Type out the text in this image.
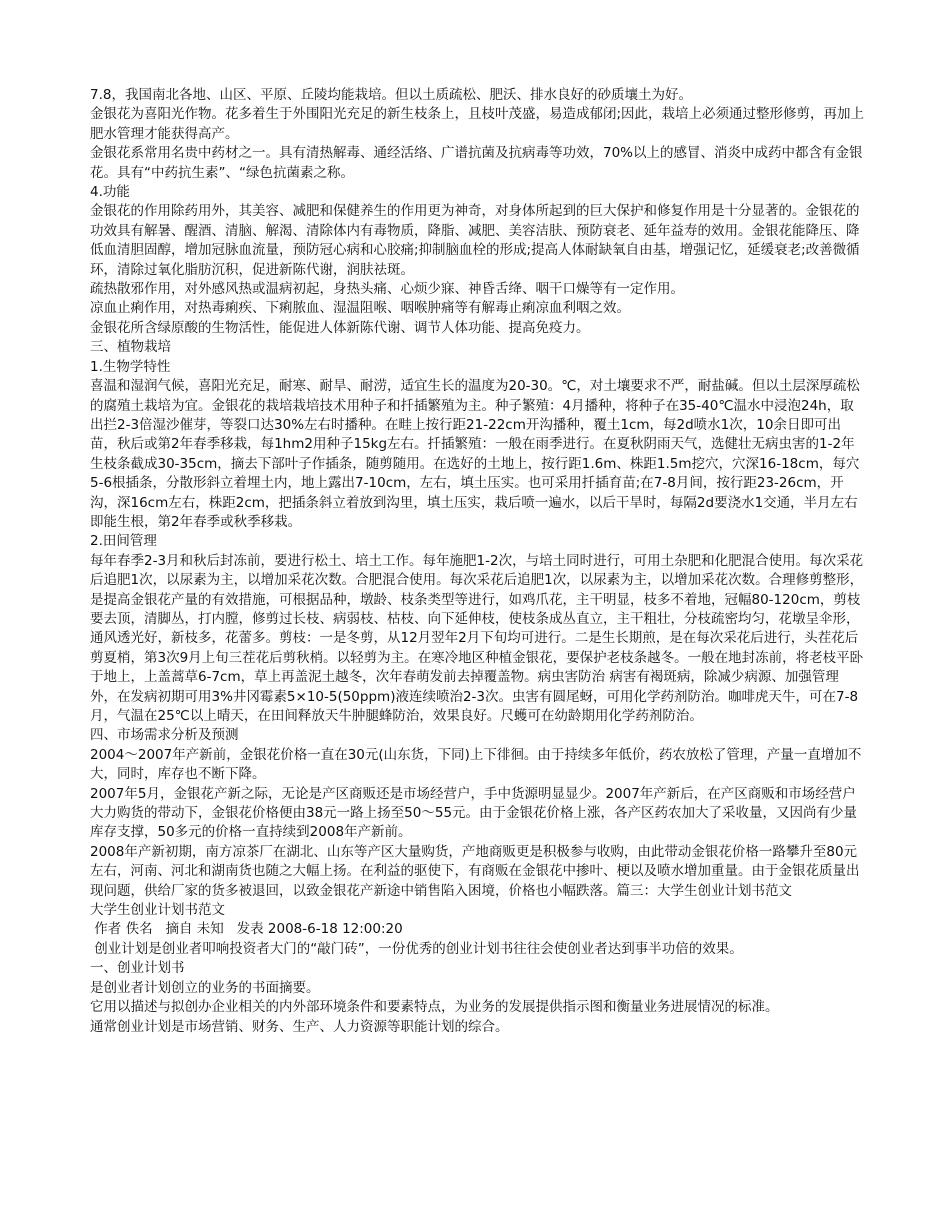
7.8，我国南北各地、山区、平原、丘陵均能栽培。但以土质疏松、肥沃、排水良好的砂质壤土为好。

金银花为喜阳光作物。花多着生于外围阳光充足的新生枝条上，且枝叶茂盛，易造成郁闭;因此，栽培上必须通过整形修剪，再加上肥水管理才能获得高产。

金银花系常用名贵中药材之一。具有清热解毒、通经活络、广谱抗菌及抗病毒等功效，70%以上的感冒、消炎中成药中都含有金银花。具有“中药抗生素”、“绿色抗菌素之称。

4.功能

金银花的作用除药用外，其美容、减肥和保健养生的作用更为神奇，对身体所起到的巨大保护和修复作用是十分显著的。金银花的功效具有解暑、醒酒、清脑、解渴、清除体内有毒物质，降脂、减肥、美容洁肤、预防衰老、延年益寿的效用。金银花能降压、降低血清胆固醇，增加冠脉血流量，预防冠心病和心胶痛;抑制脑血栓的形成;提高人体耐缺氧自由基，增强记忆，延缓衰老;改善微循环，清除过氧化脂肪沉积，促进新陈代谢，润肤祛斑。

疏热散邪作用，对外感风热或温病初起，身热头痛、心烦少寐、神昏舌绛、咽干口燥等有一定作用。

凉血止痢作用，对热毒痢疾、下痢脓血、湿温阻喉、咽喉肿痛等有解毒止痢凉血利咽之效。

金银花所含绿原酸的生物活性，能促进人体新陈代谢、调节人体功能、提高免疫力。

三、植物栽培

1.生物学特性

喜温和湿润气候，喜阳光充足，耐寒、耐旱、耐涝，适宜生长的温度为20-30。℃，对土壤要求不严，耐盐碱。但以土层深厚疏松的腐殖土栽培为宜。金银花的栽培栽培技术用种子和扦插繁殖为主。种子繁殖：4月播种，将种子在35-40℃温水中浸泡24h，取出拦2-3倍湿沙催芽，等裂口达30%左右时播种。在畦上按行距21-22cm开沟播种，覆土1cm，每2d喷水1次，10余日即可出苗，秋后或第2年春季移栽，每1hm2用种子15kg左右。扦插繁殖：一般在雨季进行。在夏秋阴雨天气，选健壮无病虫害的1-2年生枝条截成30-35cm，摘去下部叶子作插条，随剪随用。在选好的土地上，按行距1.6m、株距1.5m挖穴，穴深16-18cm，每穴5-6根插条，分散形斜立着埋土内，地上露出7-10cm，左右，填土压实。也可采用扦插育苗;在7-8月间，按行距23-26cm，开沟，深16cm左右，株距2cm，把插条斜立着放到沟里，填土压实，栽后喷一遍水，以后干旱时，每隔2d要浇水1交通，半月左右即能生根，第2年春季或秋季移栽。

2.田间管理

每年春季2-3月和秋后封冻前，要进行松土、培土工作。每年施肥1-2次，与培土同时进行，可用土杂肥和化肥混合使用。每次采花后追肥1次，以尿素为主，以增加采花次数。合肥混合使用。每次采花后追肥1次，以尿素为主，以增加采花次数。合理修剪整形，是提高金银花产量的有效措施，可根据品种，墩龄、枝条类型等进行，如鸡爪花，主干明显，枝多不着地，冠幅80-120cm，剪枝要去顶，清脚丛，打内膛，修剪过长枝、病弱枝、枯枝、向下延伸枝，使枝条成丛直立，主干粗壮，分枝疏密均匀，花墩呈伞形，通风透光好，新枝多，花蕾多。剪枝：一是冬剪，从12月翌年2月下旬均可进行。二是生长期煎，是在每次采花后进行，头茬花后剪夏梢，第3次9月上旬三茬花后剪秋梢。以轻剪为主。在寒冷地区种植金银花，要保护老枝条越冬。一般在地封冻前，将老枝平卧于地上，上盖蒿草6-7cm，草上再盖泥土越冬，次年春萌发前去掉覆盖物。病虫害防治 病害有褐斑病，除减少病源、加强管理外，在发病初期可用3%井冈霉素5×10-5(50ppm)液连续喷治2-3次。虫害有圆尾蚜，可用化学药剂防治。咖啡虎天牛，可在7-8月，气温在25℃以上晴天，在田间释放天牛肿腿蜂防治，效果良好。尺蠖可在幼龄期用化学药剂防治。

四、市场需求分析及预测

2004～2007年产新前，金银花价格一直在30元(山东货，下同)上下徘徊。由于持续多年低价，药农放松了管理，产量一直增加不大，同时，库存也不断下降。

2007年5月，金银花产新之际，无论是产区商贩还是市场经营户，手中货源明显显少。2007年产新后，在产区商贩和市场经营户大力购货的带动下，金银花价格便由38元一路上扬至50～55元。由于金银花价格上涨，各产区药农加大了采收量，又因尚有少量库存支撑，50多元的价格一直持续到2008年产新前。

2008年产新初期，南方凉茶厂在湖北、山东等产区大量购货，产地商贩更是积极参与收购，由此带动金银花价格一路攀升至80元左右，河南、河北和湖南货也随之大幅上扬。在利益的驱使下，有商贩在金银花中掺叶、梗以及喷水增加重量。由于金银花质量出现问题，供给厂家的货多被退回，以致金银花产新途中销售陷入困境，价格也小幅跌落。篇三：大学生创业计划书范文

大学生创业计划书范文

作者 佚名   摘自 未知   发表 2008-6-18 12:00:20

创业计划是创业者叩响投资者大门的“敲门砖”，一份优秀的创业计划书往往会使创业者达到事半功倍的效果。

一、创业计划书

是创业者计划创立的业务的书面摘要。

它用以描述与拟创办企业相关的内外部环境条件和要素特点，为业务的发展提供指示图和衡量业务进展情况的标准。

通常创业计划是市场营销、财务、生产、人力资源等职能计划的综合。
